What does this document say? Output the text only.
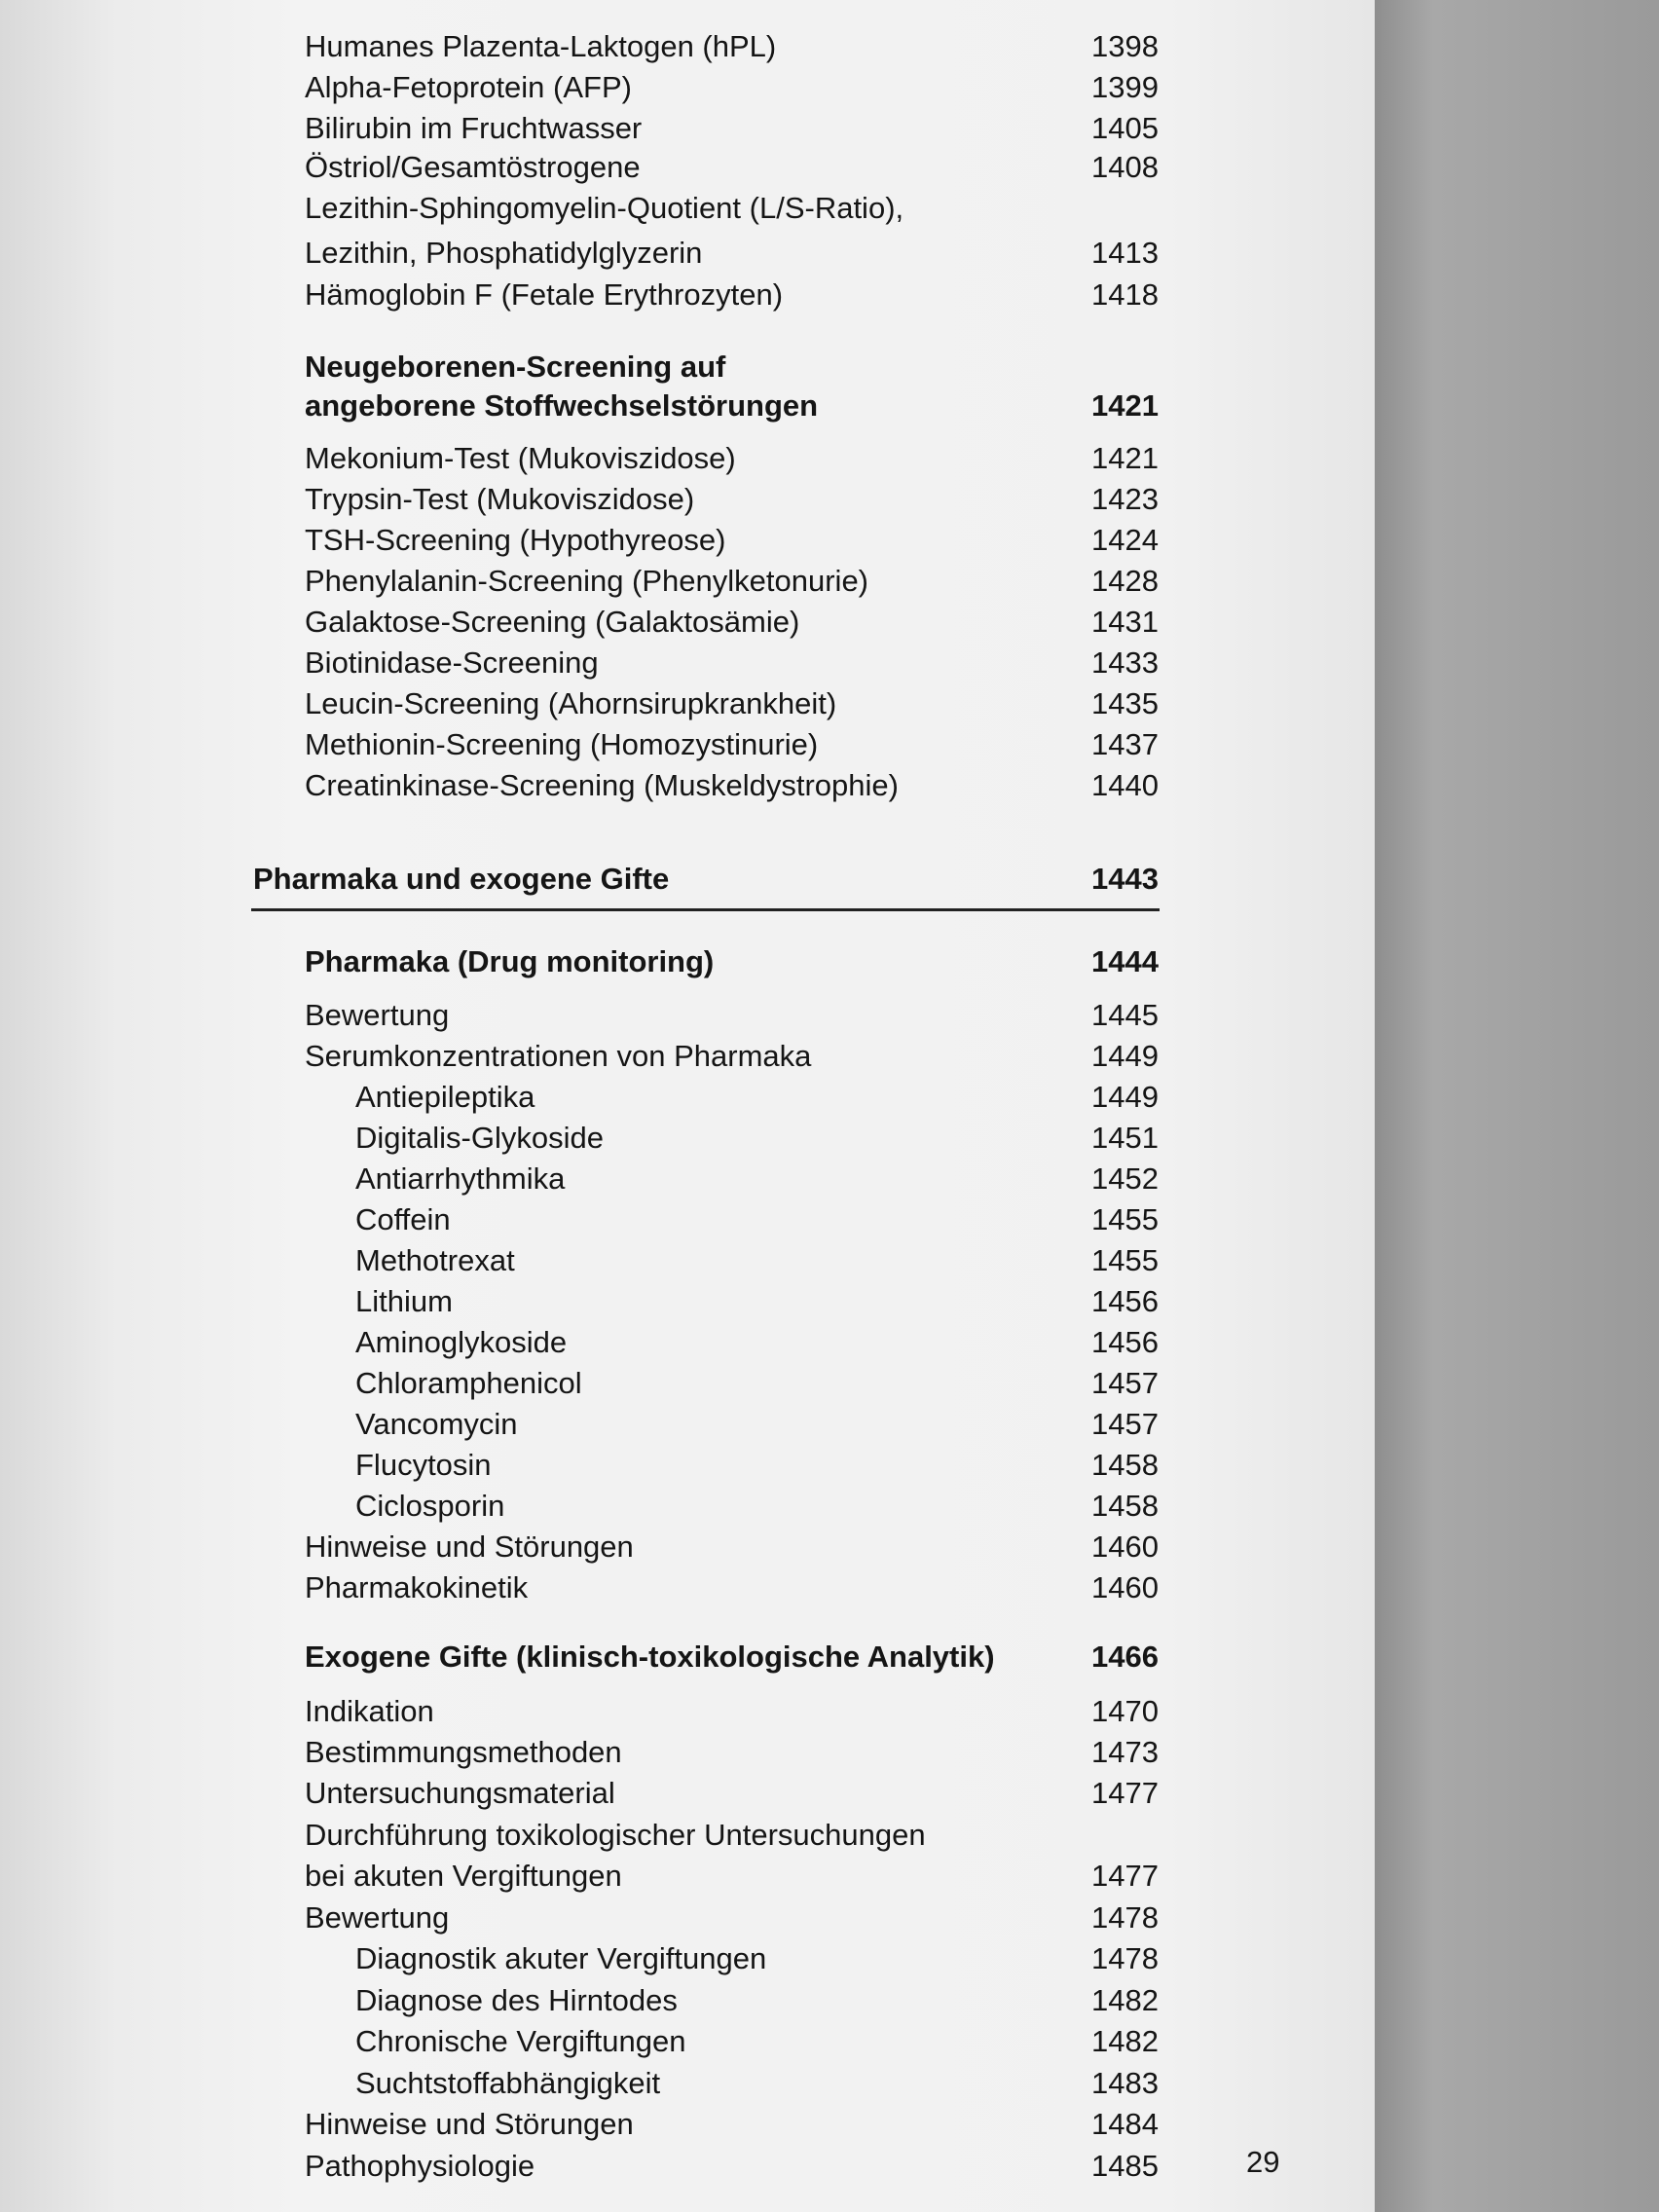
Humanes Plazenta-Laktogen (hPL)	1398
Alpha-Fetoprotein (AFP)	1399
Bilirubin im Fruchtwasser	1405
Östriol/Gesamtöstrogene	1408
Lezithin-Sphingomyelin-Quotient (L/S-Ratio),
Lezithin, Phosphatidylglyzerin	1413
Hämoglobin F (Fetale Erythrozyten)	1418
Neugeborenen-Screening auf
angeborene Stoffwechselstörungen	1421
Mekonium-Test (Mukoviszidose)	1421
Trypsin-Test (Mukoviszidose)	1423
TSH-Screening (Hypothyreose)	1424
Phenylalanin-Screening (Phenylketonurie)	1428
Galaktose-Screening (Galaktosämie)	1431
Biotinidase-Screening	1433
Leucin-Screening (Ahornsirupkrankheit)	1435
Methionin-Screening (Homozystinurie)	1437
Creatinkinase-Screening (Muskeldystrophie)	1440
Pharmaka und exogene Gifte	1443
Pharmaka (Drug monitoring)	1444
Bewertung	1445
Serumkonzentrationen von Pharmaka	1449
Antiepileptika	1449
Digitalis-Glykoside	1451
Antiarrhythmika	1452
Coffein	1455
Methotrexat	1455
Lithium	1456
Aminoglykoside	1456
Chloramphenicol	1457
Vancomycin	1457
Flucytosin	1458
Ciclosporin	1458
Hinweise und Störungen	1460
Pharmakokinetik	1460
Exogene Gifte (klinisch-toxikologische Analytik)	1466
Indikation	1470
Bestimmungsmethoden	1473
Untersuchungsmaterial	1477
Durchführung toxikologischer Untersuchungen
bei akuten Vergiftungen	1477
Bewertung	1478
Diagnostik akuter Vergiftungen	1478
Diagnose des Hirntodes	1482
Chronische Vergiftungen	1482
Suchtstoffabhängigkeit	1483
Hinweise und Störungen	1484
Pathophysiologie	1485	29
